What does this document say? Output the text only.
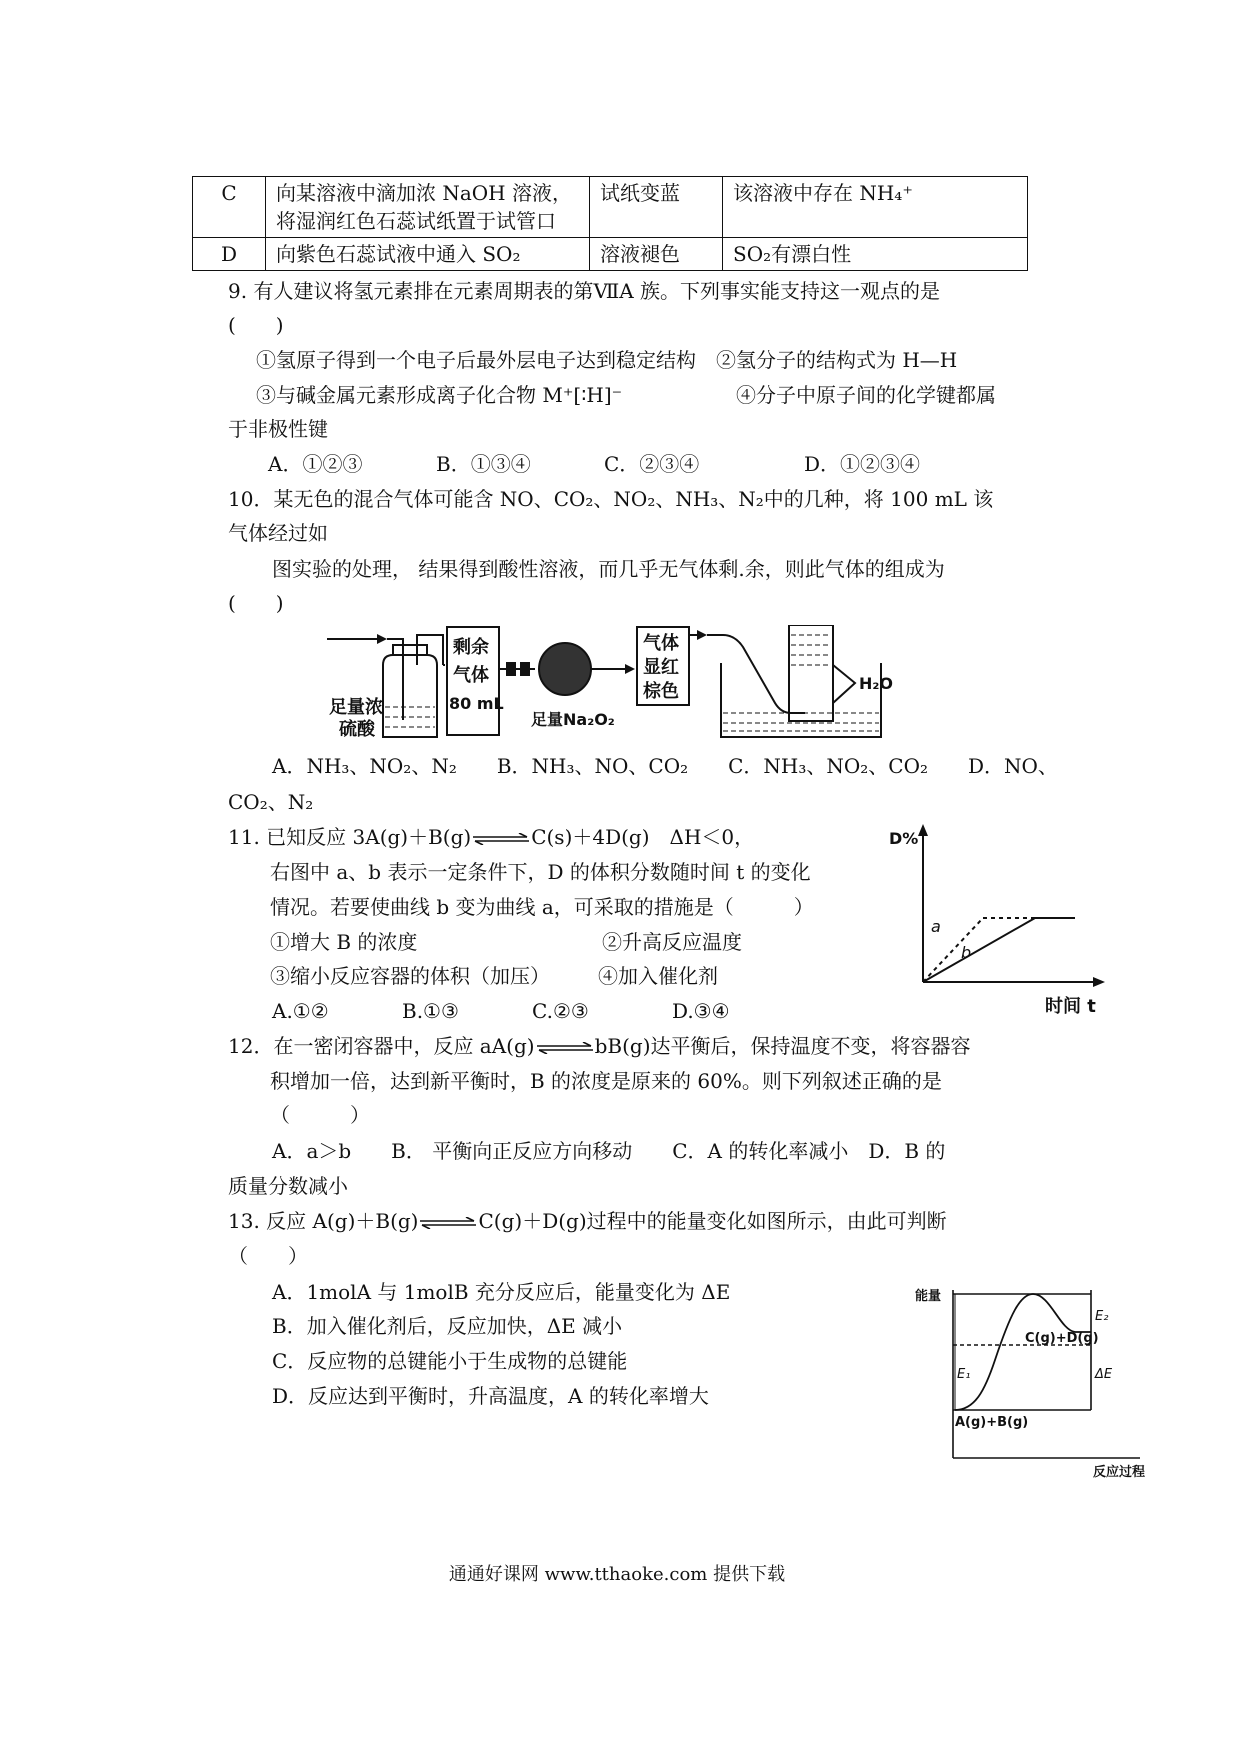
C	向某溶液中滴加浓 NaOH 溶液，
将湿润红色石蕊试纸置于试管口	试纸变蓝	该溶液中存在 NH₄⁺
D	向紫色石蕊试液中通入 SO₂	溶液褪色	SO₂有漂白性
9. 有人建议将氢元素排在元素周期表的第ⅦA 族。下列事实能支持这一观点的是
(　　)
①氢原子得到一个电子后最外层电子达到稳定结构　②氢分子的结构式为 H—H
③与碱金属元素形成离子化合物 M⁺[∶H]⁻	④分子中原子间的化学键都属
于非极性键
A．①②③	B．①③④	C．②③④	D．①②③④
10．某无色的混合气体可能含 NO、CO₂、NO₂、NH₃、N₂中的几种，将 100 mL 该
气体经过如
图实验的处理， 结果得到酸性溶液，而几乎无气体剩.余，则此气体的组成为
(　　)
足量浓
硫酸
剩余
气体
80 mL
足量Na₂O₂
气体
显红
棕色	H₂O
A．NH₃、NO₂、N₂　　B．NH₃、NO、CO₂　　C．NH₃、NO₂、CO₂　　D．NO、
CO₂、N₂
11. 已知反应 3A(g)＋B(g)⇌C(s)＋4D(g)　ΔH＜0，
右图中 a、b 表示一定条件下，D 的体积分数随时间 t 的变化
情况。若要使曲线 b 变为曲线 a，可采取的措施是（　　　）
①增大 B 的浓度	②升高反应温度
③缩小反应容器的体积（加压） ④加入催化剂
A.①②	B.①③	C.②③	D.③④
D%
时间 t
a
b
12．在一密闭容器中，反应 aA(g)⇌bB(g)达平衡后，保持温度不变，将容器容
积增加一倍，达到新平衡时，B 的浓度是原来的 60%。则下列叙述正确的是
（　　　）
A．a＞b　　B． 平衡向正反应方向移动　　C．A 的转化率减小　D．B 的
质量分数减小
13. 反应 A(g)＋B(g)⇌C(g)＋D(g)过程中的能量变化如图所示，由此可判断
（　　）
A．1molA 与 1molB 充分反应后，能量变化为 ΔE
B．加入催化剂后，反应加快，ΔE 减小
C．反应物的总键能小于生成物的总键能
D．反应达到平衡时，升高温度，A 的转化率增大
能量
反应过程
E₁
E₂
ΔE
C(g)+D(g)
A(g)+B(g)
通通好课网 www.tthaoke.com 提供下载
